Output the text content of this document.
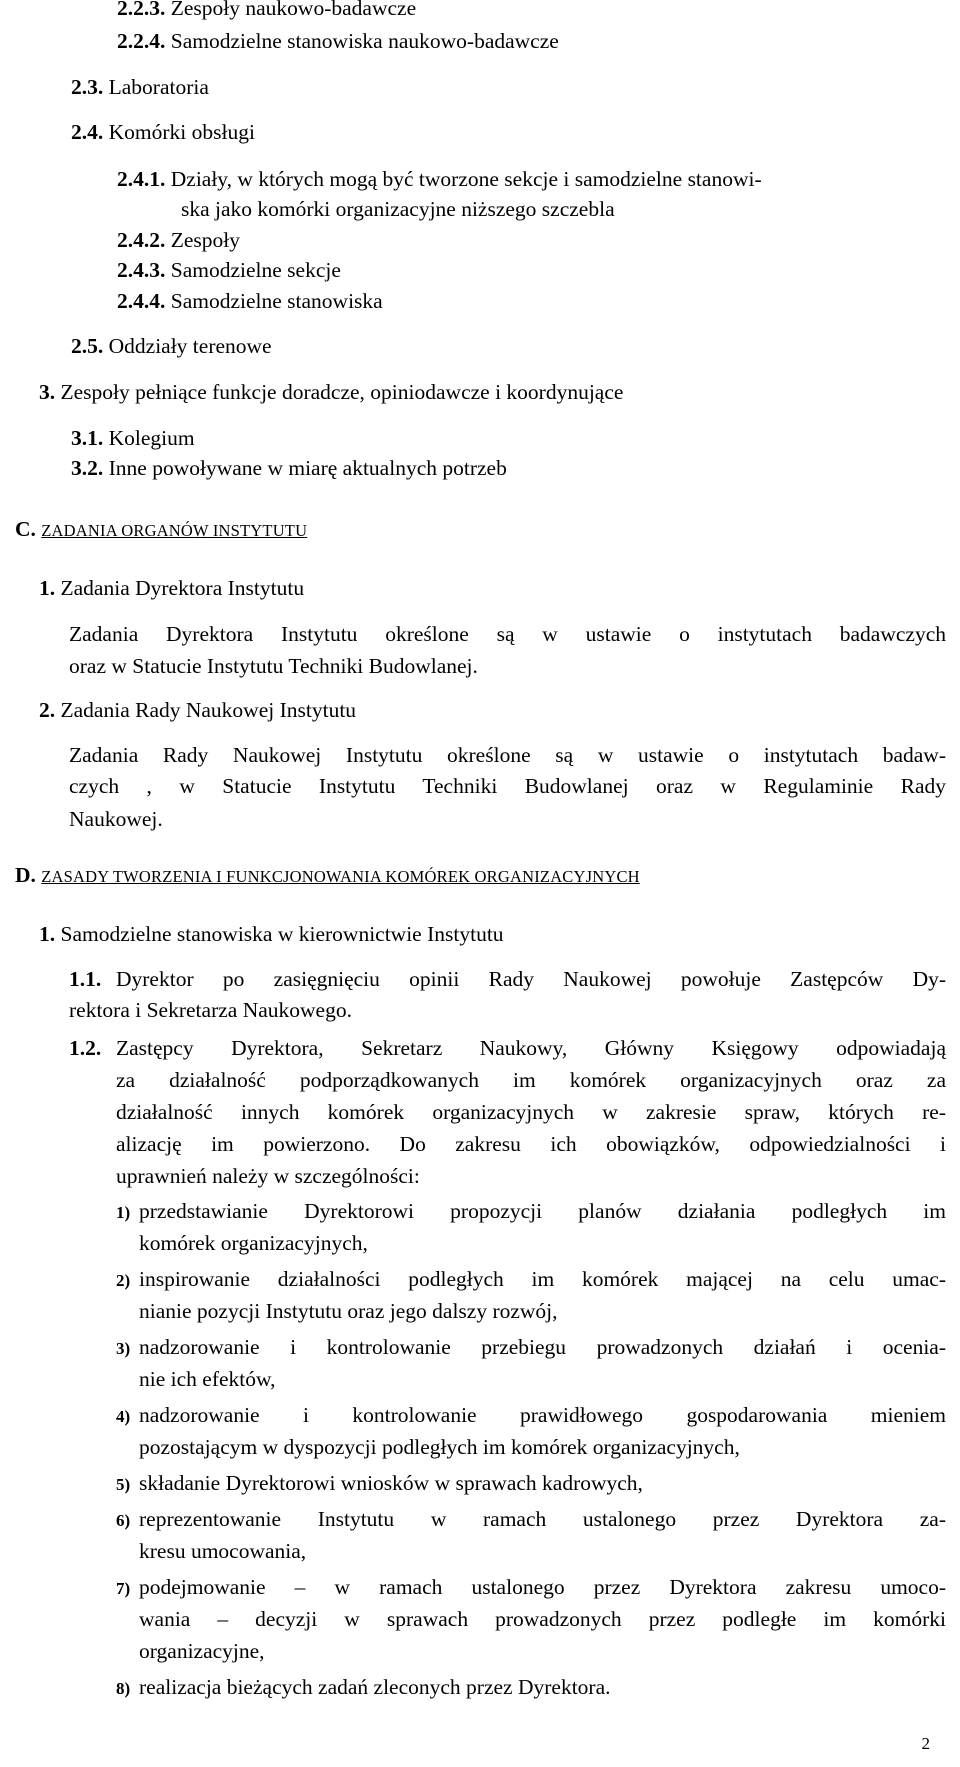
2.2.3. Zespoły naukowo-badawcze
2.2.4. Samodzielne stanowiska naukowo-badawcze
2.3. Laboratoria
2.4. Komórki obsługi
2.4.1. Działy, w których mogą być tworzone sekcje i samodzielne stanowi-
ska jako komórki organizacyjne niższego szczebla
2.4.2. Zespoły
2.4.3. Samodzielne sekcje
2.4.4. Samodzielne stanowiska
2.5. Oddziały terenowe
3. Zespoły pełniące funkcje doradcze, opiniodawcze i koordynujące
3.1. Kolegium
3.2. Inne powoływane w miarę aktualnych potrzeb
C. ZADANIA ORGANÓW INSTYTUTU
1. Zadania Dyrektora Instytutu
Zadania Dyrektora Instytutu określone są w ustawie o instytutach badawczych
oraz w Statucie Instytutu Techniki Budowlanej.
2. Zadania Rady Naukowej Instytutu
Zadania Rady Naukowej Instytutu określone są w ustawie o instytutach badaw-
czych , w Statucie Instytutu Techniki Budowlanej oraz w Regulaminie Rady
Naukowej.
D. ZASADY TWORZENIA I FUNKCJONOWANIA KOMÓREK ORGANIZACYJNYCH
1. Samodzielne stanowiska w kierownictwie Instytutu
1.1. Dyrektor po zasięgnięciu opinii Rady Naukowej powołuje Zastępców Dy-
rektora i Sekretarza Naukowego.
1.2. Zastępcy Dyrektora, Sekretarz Naukowy, Główny Księgowy odpowiadają
za działalność podporządkowanych im komórek organizacyjnych oraz za
działalność innych komórek organizacyjnych w zakresie spraw, których re-
alizację im powierzono. Do zakresu ich obowiązków, odpowiedzialności i
uprawnień należy w szczególności:
1) przedstawianie Dyrektorowi propozycji planów działania podległych im
komórek organizacyjnych,
2) inspirowanie działalności podległych im komórek mającej na celu umac-
nianie pozycji Instytutu oraz jego dalszy rozwój,
3) nadzorowanie i kontrolowanie przebiegu prowadzonych działań i ocenia-
nie ich efektów,
4) nadzorowanie i kontrolowanie prawidłowego gospodarowania mieniem
pozostającym w dyspozycji podległych im komórek organizacyjnych,
5) składanie Dyrektorowi wniosków w sprawach kadrowych,
6) reprezentowanie Instytutu w ramach ustalonego przez Dyrektora za-
kresu umocowania,
7) podejmowanie – w ramach ustalonego przez Dyrektora zakresu umoco-
wania – decyzji w sprawach prowadzonych przez podległe im komórki
organizacyjne,
8) realizacja bieżących zadań zleconych przez Dyrektora.
2
